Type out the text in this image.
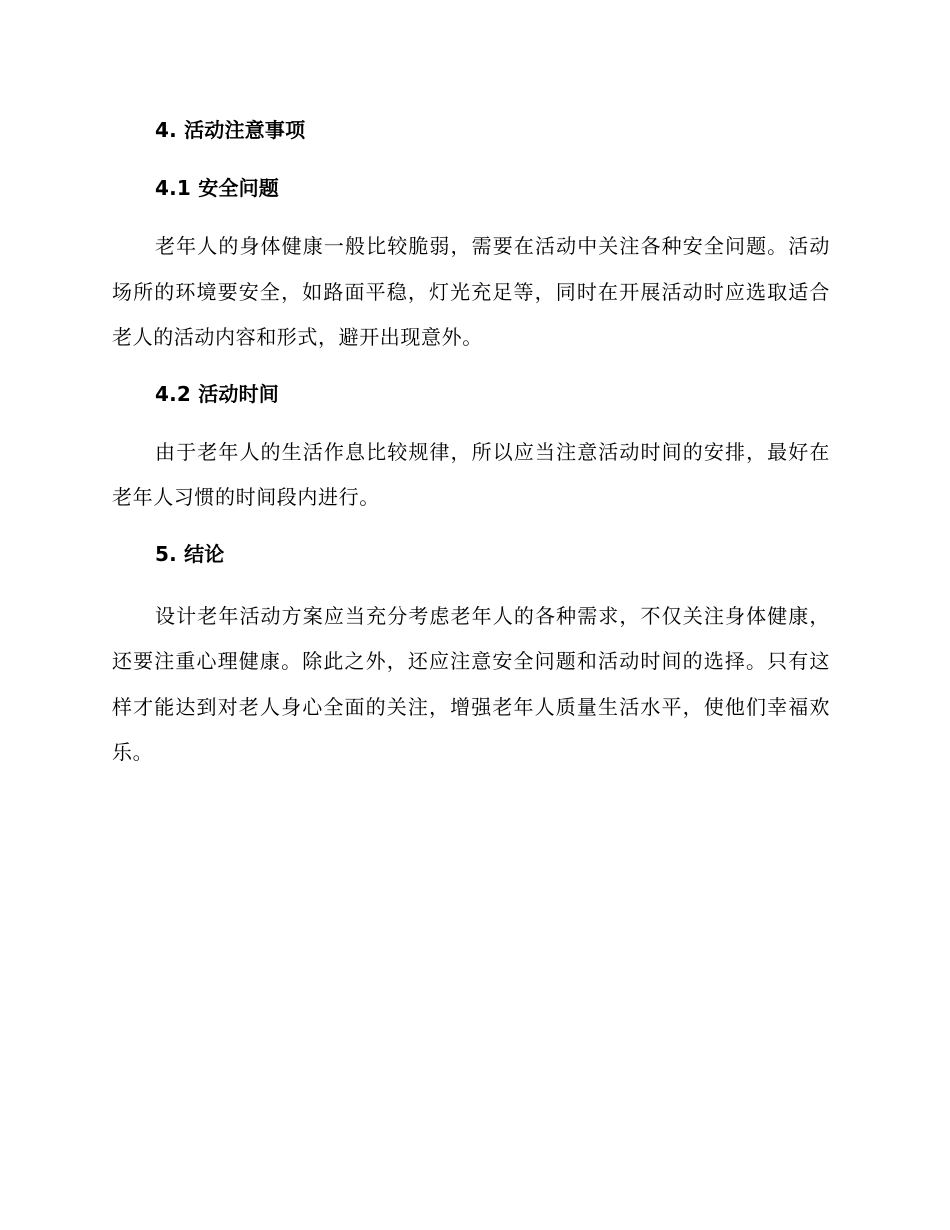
4. 活动注意事项
4.1 安全问题

老年人的身体健康一般比较脆弱，需要在活动中关注各种安全问题。活动场所的环境要安全，如路面平稳，灯光充足等，同时在开展活动时应选取适合老人的活动内容和形式，避开出现意外。

4.2 活动时间

由于老年人的生活作息比较规律，所以应当注意活动时间的安排，最好在老年人习惯的时间段内进行。

5. 结论

设计老年活动方案应当充分考虑老年人的各种需求，不仅关注身体健康，还要注重心理健康。除此之外，还应注意安全问题和活动时间的选择。只有这样才能达到对老人身心全面的关注，增强老年人质量生活水平，使他们幸福欢乐。
